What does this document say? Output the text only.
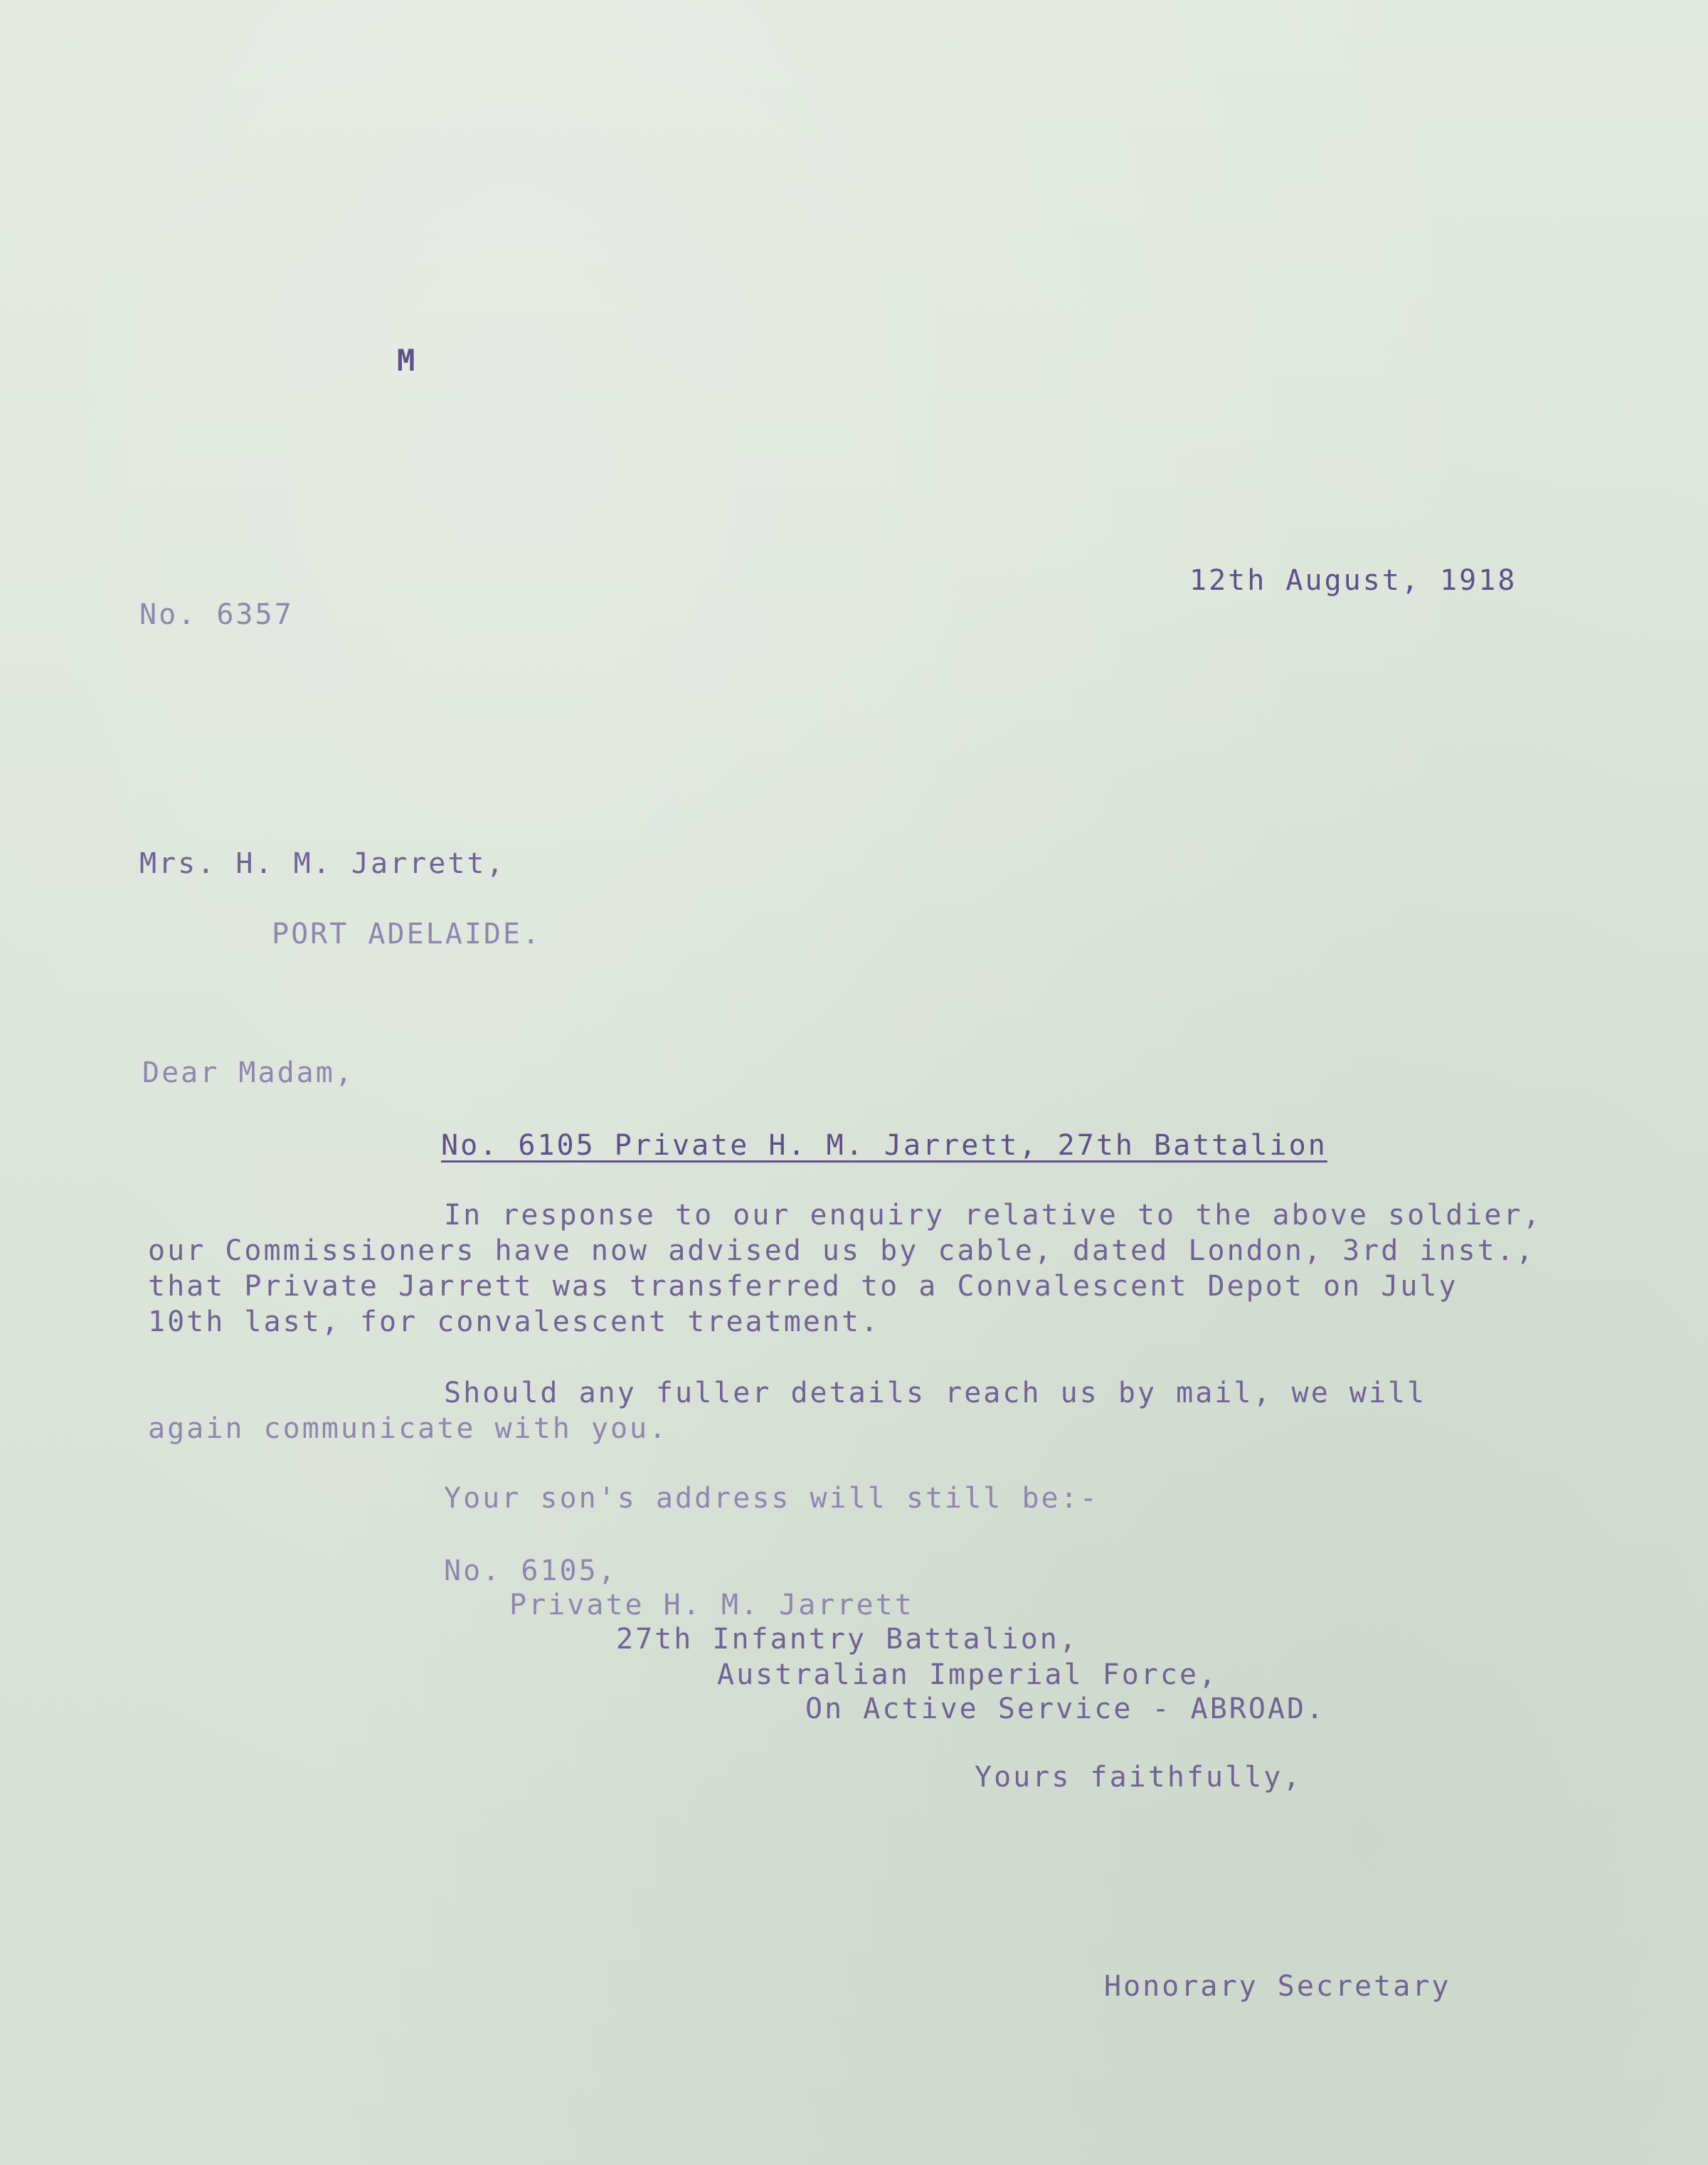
M
12th August, 1918
No. 6357
Mrs. H. M. Jarrett,
PORT ADELAIDE.
Dear Madam,
No. 6105 Private H. M. Jarrett, 27th Battalion
In response to our enquiry relative to the above soldier,
our Commissioners have now advised us by cable, dated London, 3rd inst.,
that Private Jarrett was transferred to a Convalescent Depot on July
10th last, for convalescent treatment.
Should any fuller details reach us by mail, we will
again communicate with you.
Your son's address will still be:-
No. 6105,
Private H. M. Jarrett
27th Infantry Battalion,
Australian Imperial Force,
On Active Service - ABROAD.
Yours faithfully,
Honorary Secretary
